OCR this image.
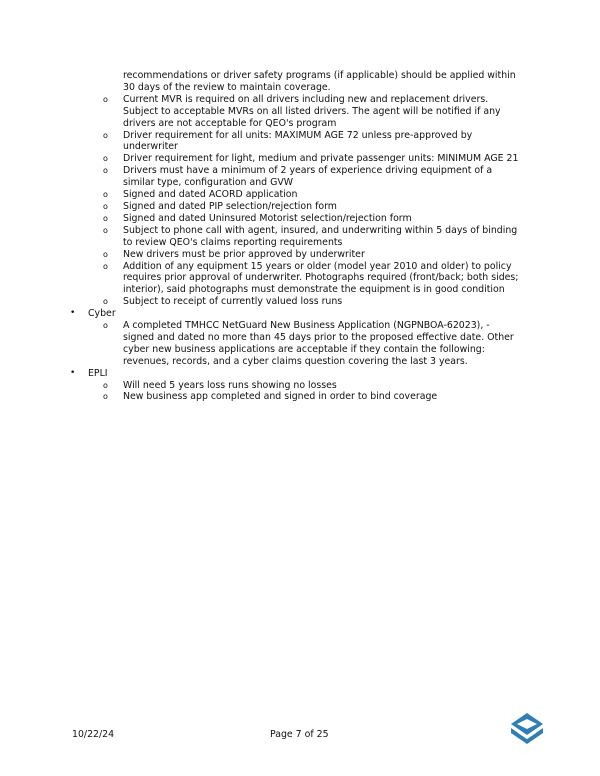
recommendations or driver safety programs (if applicable) should be applied within 30 days of the review to maintain coverage.
o Current MVR is required on all drivers including new and replacement drivers. Subject to acceptable MVRs on all listed drivers. The agent will be notified if any drivers are not acceptable for QEO's program
o Driver requirement for all units: MAXIMUM AGE 72 unless pre-approved by underwriter
o Driver requirement for light, medium and private passenger units: MINIMUM AGE 21
o Drivers must have a minimum of 2 years of experience driving equipment of a similar type, configuration and GVW
o Signed and dated ACORD application
o Signed and dated PIP selection/rejection form
o Signed and dated Uninsured Motorist selection/rejection form
o Subject to phone call with agent, insured, and underwriting within 5 days of binding to review QEO's claims reporting requirements
o New drivers must be prior approved by underwriter
o Addition of any equipment 15 years or older (model year 2010 and older) to policy requires prior approval of underwriter. Photographs required (front/back; both sides; interior), said photographs must demonstrate the equipment is in good condition
o Subject to receipt of currently valued loss runs
• Cyber
o A completed TMHCC NetGuard New Business Application (NGPNBOA-62023), - signed and dated no more than 45 days prior to the proposed effective date. Other cyber new business applications are acceptable if they contain the following: revenues, records, and a cyber claims question covering the last 3 years.
• EPLI
o Will need 5 years loss runs showing no losses
o New business app completed and signed in order to bind coverage
10/22/24	Page 7 of 25
